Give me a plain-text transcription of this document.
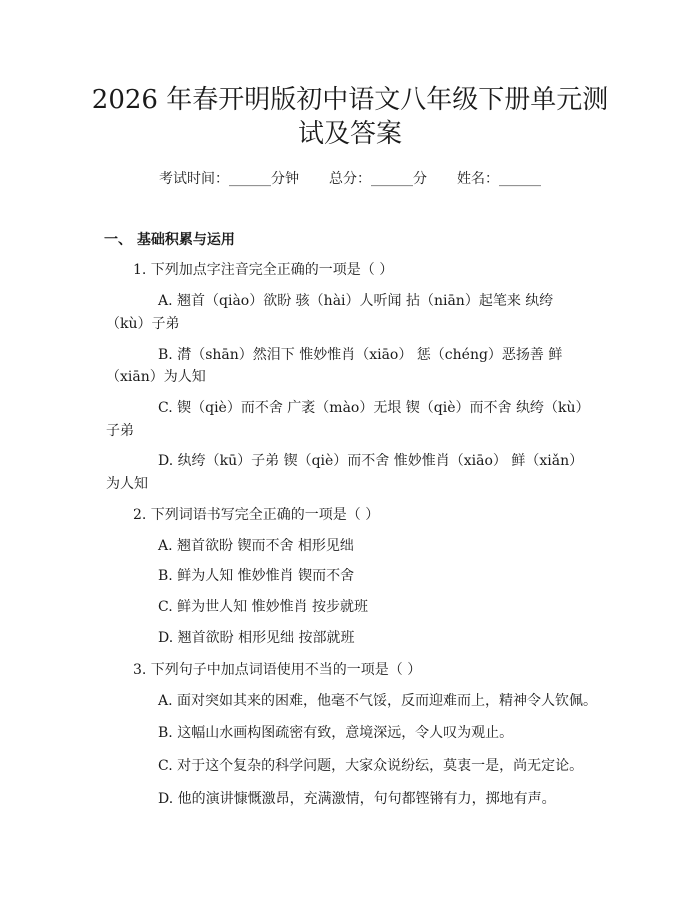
2026 年春开明版初中语文八年级下册单元测
试及答案
考试时间：______分钟 总分：______分 姓名：______
一、 基础积累与运用
1. 下列加点字注音完全正确的一项是（ ）
A. 翘首（qiào）欲盼 骇（hài）人听闻 拈（niān）起笔来 纨绔
（kù）子弟
B. 潸（shān）然泪下 惟妙惟肖（xiāo） 惩（chéng）恶扬善 鲜
（xiān）为人知
C. 锲（qiè）而不舍 广袤（mào）无垠 锲（qiè）而不舍 纨绔（kù）
子弟
D. 纨绔（kū）子弟 锲（qiè）而不舍 惟妙惟肖（xiāo） 鲜（xiǎn）
为人知
2. 下列词语书写完全正确的一项是（ ）
A. 翘首欲盼 锲而不舍 相形见绌
B. 鲜为人知 惟妙惟肖 锲而不舍
C. 鲜为世人知 惟妙惟肖 按步就班
D. 翘首欲盼 相形见绌 按部就班
3. 下列句子中加点词语使用不当的一项是（ ）
A. 面对突如其来的困难，他毫不气馁，反而迎难而上，精神令人钦佩。
B. 这幅山水画构图疏密有致，意境深远，令人叹为观止。
C. 对于这个复杂的科学问题，大家众说纷纭，莫衷一是，尚无定论。
D. 他的演讲慷慨激昂，充满激情，句句都铿锵有力，掷地有声。
